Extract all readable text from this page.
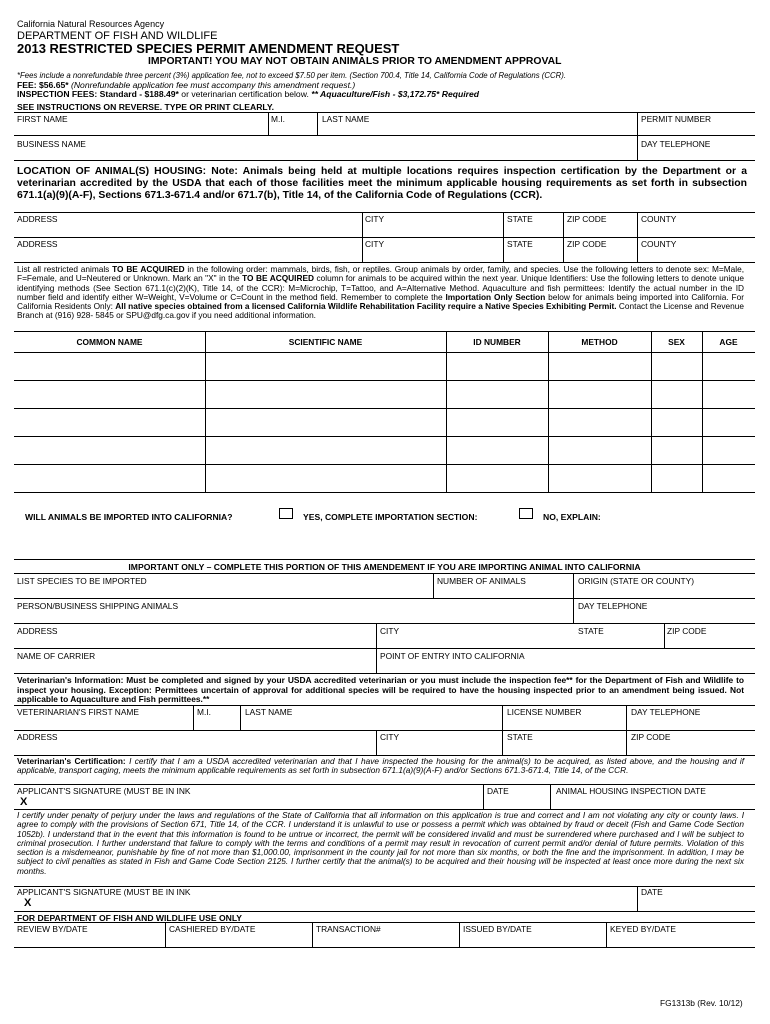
California Natural Resources Agency
DEPARTMENT OF FISH AND WILDLIFE
2013 RESTRICTED SPECIES PERMIT AMENDMENT REQUEST
IMPORTANT! YOU MAY NOT OBTAIN ANIMALS PRIOR TO AMENDMENT APPROVAL
*Fees include a nonrefundable three percent (3%) application fee, not to exceed $7.50 per item. (Section 700.4, Title 14, California Code of Regulations (CCR).
FEE: $56.65* (Nonrefundable application fee must accompany this amendment request.)
INSPECTION FEES: Standard - $188.49* or veterinarian certification below. ** Aquaculture/Fish - $3,172.75* Required
SEE INSTRUCTIONS ON REVERSE. TYPE OR PRINT CLEARLY.
FIRST NAME	M.I.	LAST NAME	PERMIT NUMBER
BUSINESS NAME	DAY TELEPHONE
LOCATION OF ANIMAL(S) HOUSING: Note: Animals being held at multiple locations requires inspection certification by the Department or a veterinarian accredited by the USDA that each of those facilities meet the minimum applicable housing requirements as set forth in subsection 671.1(a)(9)(A-F), Sections 671.3-671.4 and/or 671.7(b), Title 14, of the California Code of Regulations (CCR).
ADDRESS	CITY	STATE	ZIP CODE	COUNTY
ADDRESS	CITY	STATE	ZIP CODE	COUNTY
List all restricted animals TO BE ACQUIRED in the following order: mammals, birds, fish, or reptiles. Group animals by order, family, and species. Use the following letters to denote sex: M=Male, F=Female, and U=Neutered or Unknown. Mark an "X" in the TO BE ACQUIRED column for animals to be acquired within the next year. Unique Identifiers: Use the following letters to denote unique identifying methods (See Section 671.1(c)(2)(K), Title 14, of the CCR): M=Microchip, T=Tattoo, and A=Alternative Method. Aquaculture and fish permittees: Identify the actual number in the ID number field and identify either W=Weight, V=Volume or C=Count in the method field. Remember to complete the Importation Only Section below for animals being imported into California. For California Residents Only: All native species obtained from a licensed California Wildlife Rehabilitation Facility require a Native Species Exhibiting Permit. Contact the License and Revenue Branch at (916) 928- 5845 or SPU@dfg.ca.gov if you need additional information.
COMMON NAME	SCIENTIFIC NAME	ID NUMBER	METHOD	SEX	AGE
WILL ANIMALS BE IMPORTED INTO CALIFORNIA?	YES, COMPLETE IMPORTATION SECTION:	NO, EXPLAIN:
IMPORTANT ONLY – COMPLETE THIS PORTION OF THIS AMENDEMENT IF YOU ARE IMPORTING ANIMAL INTO CALIFORNIA
LIST SPECIES TO BE IMPORTED	NUMBER OF ANIMALS	ORIGIN (STATE OR COUNTY)
PERSON/BUSINESS SHIPPING ANIMALS	DAY TELEPHONE
ADDRESS	CITY	STATE	ZIP CODE
NAME OF CARRIER	POINT OF ENTRY INTO CALIFORNIA
Veterinarian's Information: Must be completed and signed by your USDA accredited veterinarian or you must include the inspection fee** for the Department of Fish and Wildlife to inspect your housing. Exception: Permittees uncertain of approval for additional species will be required to have the housing inspected prior to an amendment being issued. Not applicable to Aquaculture and Fish permittees.**
VETERINARIAN'S FIRST NAME	M.I.	LAST NAME	LICENSE NUMBER	DAY TELEPHONE
ADDRESS	CITY	STATE	ZIP CODE
Veterinarian's Certification: I certify that I am a USDA accredited veterinarian and that I have inspected the housing for the animal(s) to be acquired, as listed above, and the housing and if applicable, transport caging, meets the minimum applicable requirements as set forth in subsection 671.1(a)(9)(A-F) and/or Sections 671.3-671.4, Title 14, of the CCR.
APPLICANT'S SIGNATURE (MUST BE IN INK
X
DATE	ANIMAL HOUSING INSPECTION DATE
I certify under penalty of perjury under the laws and regulations of the State of California that all information on this application is true and correct and I am not violating any city or county laws. I agree to comply with the provisions of Section 671, Title 14, of the CCR. I understand it is unlawful to use or possess a permit which was obtained by fraud or deceit (Fish and Game Code Section 1052b). I understand that in the event that this information is found to be untrue or incorrect, the permit will be considered invalid and must be surrendered where purchased and I will be subject to criminal prosecution. I further understand that failure to comply with the terms and conditions of a permit may result in revocation of current permit and/or denial of future permits. Violation of this section is a misdemeanor, punishable by fine of not more than $1,000.00, imprisonment in the county jail for not more than six months, or both the fine and the imprisonment. In addition, I may be subject to civil penalties as stated in Fish and Game Code Section 2125. I further certify that the animal(s) to be acquired and their housing will be inspected at least once more during the next six months.
APPLICANT'S SIGNATURE (MUST BE IN INK
X
DATE
FOR DEPARTMENT OF FISH AND WILDLIFE USE ONLY
REVIEW BY/DATE	CASHIERED BY/DATE	TRANSACTION#	ISSUED BY/DATE	KEYED BY/DATE
FG1313b (Rev. 10/12)
